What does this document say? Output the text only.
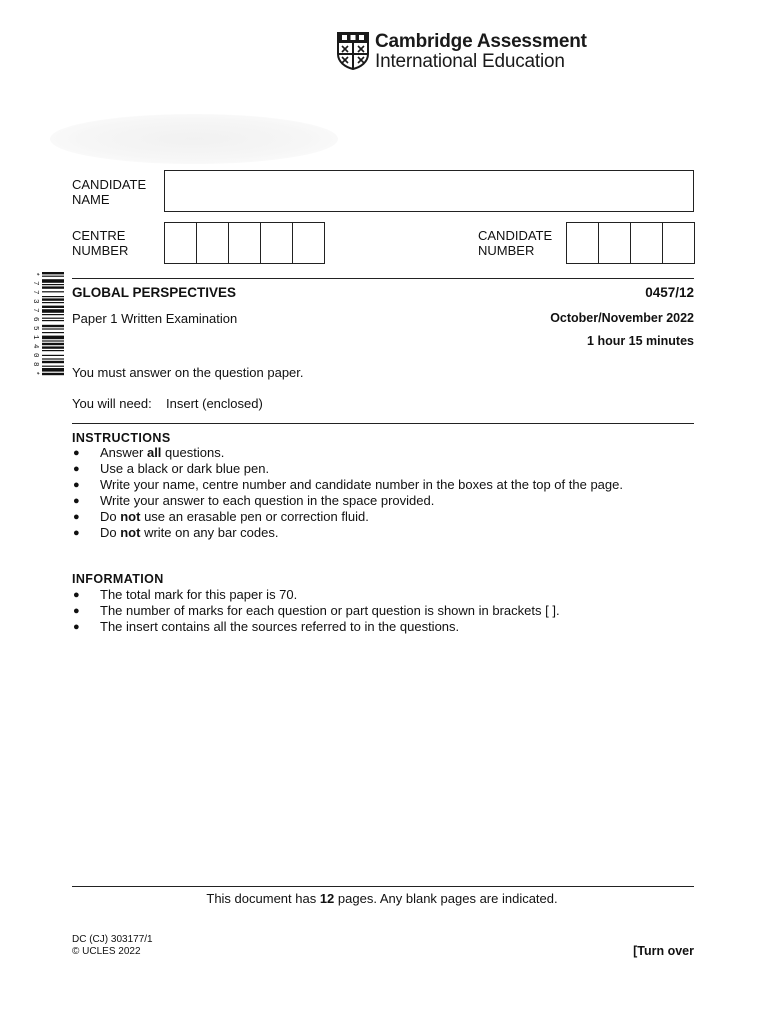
Cambridge Assessment
International Education
CANDIDATE
NAME
CENTRE
NUMBER
CANDIDATE
NUMBER
* 7 7 3 7 6 5 1 4 0 8 * GLOBAL PERSPECTIVES	0457/12
Paper 1 Written Examination	October/November 2022
1 hour 15 minutes
You must answer on the question paper.
You will need: Insert (enclosed)
INSTRUCTIONS
● Answer all questions.
● Use a black or dark blue pen.
● Write your name, centre number and candidate number in the boxes at the top of the page.
● Write your answer to each question in the space provided.
● Do not use an erasable pen or correction fluid.
● Do not write on any bar codes.
INFORMATION
● The total mark for this paper is 70.
● The number of marks for each question or part question is shown in brackets [ ].
● The insert contains all the sources referred to in the questions.
This document has 12 pages. Any blank pages are indicated.
DC (CJ) 303177/1
© UCLES 2022	[Turn over
